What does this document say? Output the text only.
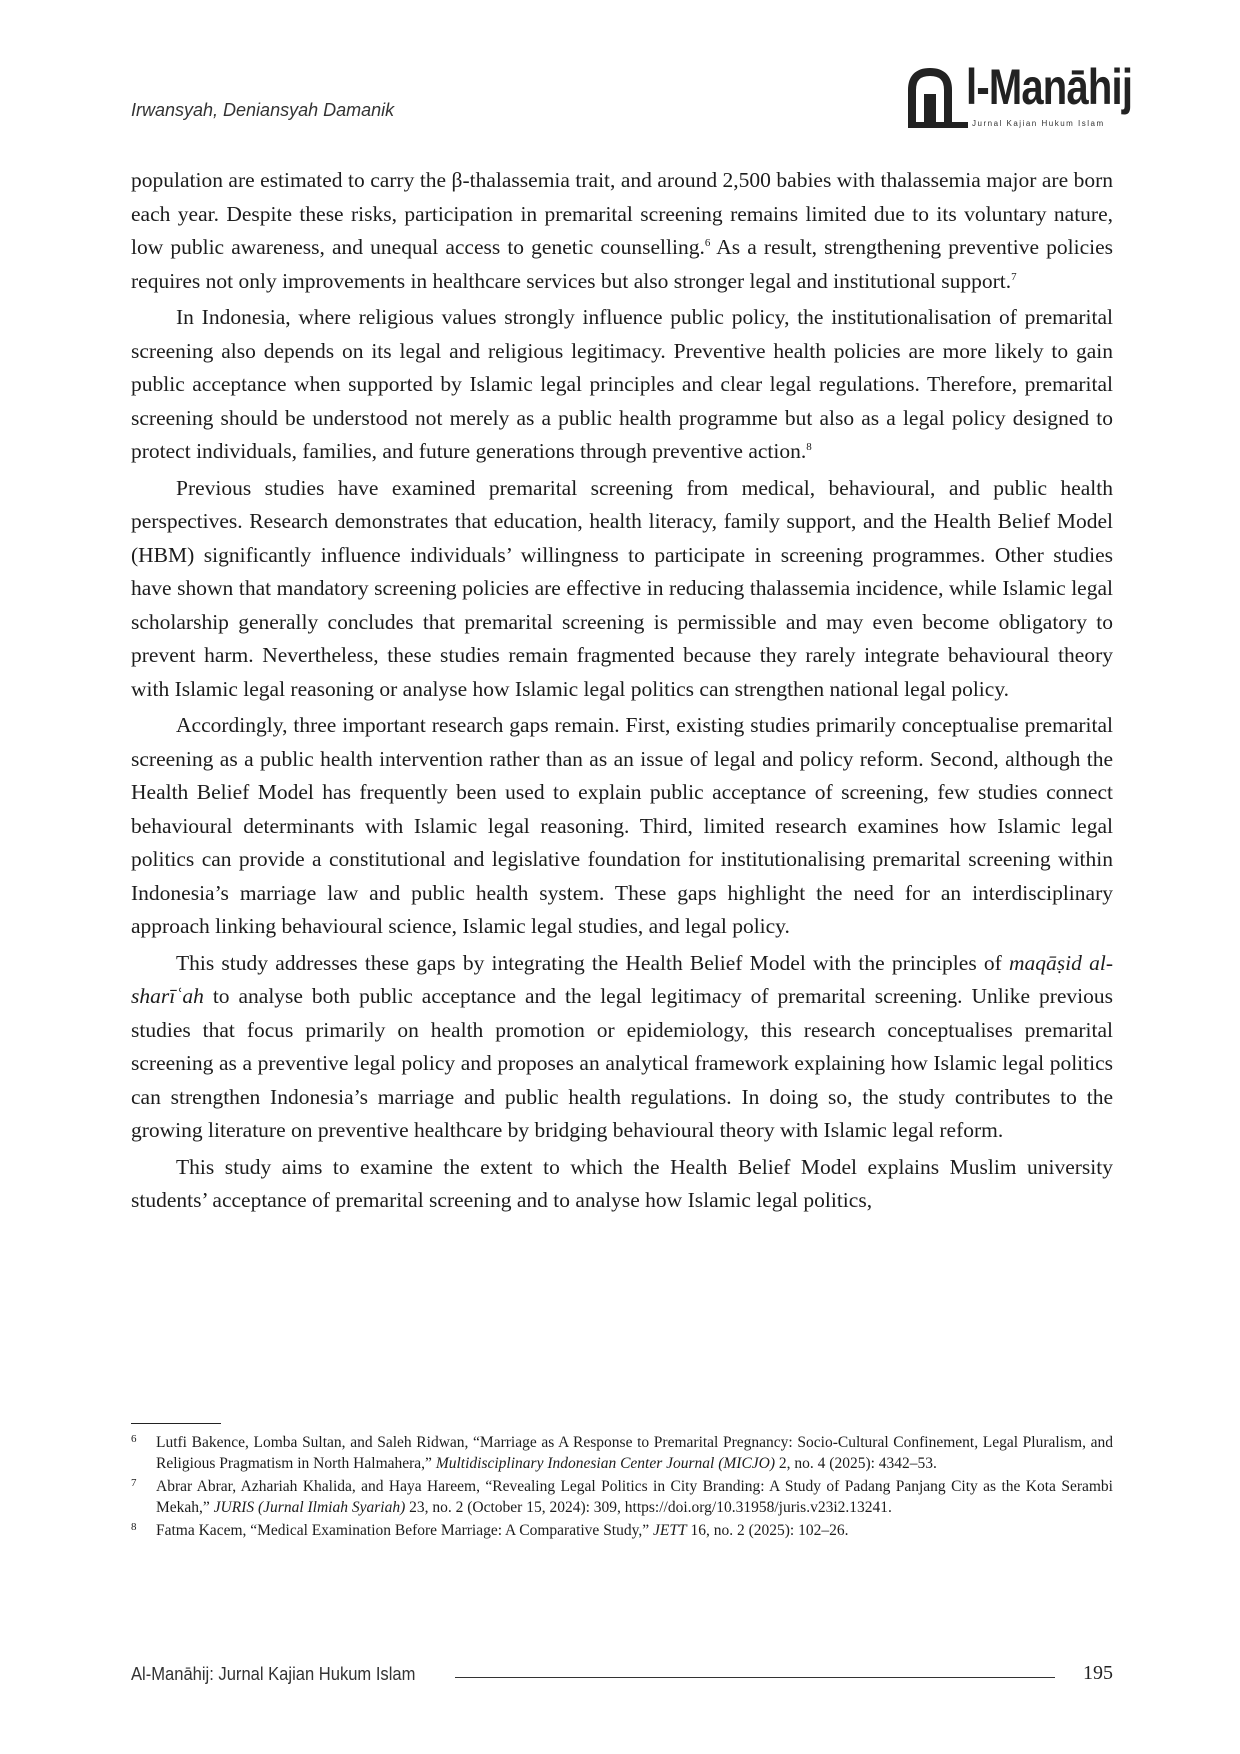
Irwansyah, Deniansyah Damanik	l-Manāhij
Jurnal Kajian Hukum Islam

population are estimated to carry the β-thalassemia trait, and around 2,500 babies with thalassemia major are born each year. Despite these risks, participation in premarital screening remains limited due to its voluntary nature, low public awareness, and unequal access to genetic counselling.$^6$ As a result, strengthening preventive policies requires not only improvements in healthcare services but also stronger legal and institutional support.$^7$

In Indonesia, where religious values strongly influence public policy, the institutionalisation of premarital screening also depends on its legal and religious legitimacy. Preventive health policies are more likely to gain public acceptance when supported by Islamic legal principles and clear legal regulations. Therefore, premarital screening should be understood not merely as a public health programme but also as a legal policy designed to protect individuals, families, and future generations through preventive action.$^8$

Previous studies have examined premarital screening from medical, behavioural, and public health perspectives. Research demonstrates that education, health literacy, family support, and the Health Belief Model (HBM) significantly influence individuals’ willingness to participate in screening programmes. Other studies have shown that mandatory screening policies are effective in reducing thalassemia incidence, while Islamic legal scholarship generally concludes that premarital screening is permissible and may even become obligatory to prevent harm. Nevertheless, these studies remain fragmented because they rarely integrate behavioural theory with Islamic legal reasoning or analyse how Islamic legal politics can strengthen national legal policy.

Accordingly, three important research gaps remain. First, existing studies primarily conceptualise premarital screening as a public health intervention rather than as an issue of legal and policy reform. Second, although the Health Belief Model has frequently been used to explain public acceptance of screening, few studies connect behavioural determinants with Islamic legal reasoning. Third, limited research examines how Islamic legal politics can provide a constitutional and legislative foundation for institutionalising premarital screening within Indonesia’s marriage law and public health system. These gaps highlight the need for an interdisciplinary approach linking behavioural science, Islamic legal studies, and legal policy.

This study addresses these gaps by integrating the Health Belief Model with the principles of maqāṣid al-sharīʿah to analyse both public acceptance and the legal legitimacy of premarital screening. Unlike previous studies that focus primarily on health promotion or epidemiology, this research conceptualises premarital screening as a preventive legal policy and proposes an analytical framework explaining how Islamic legal politics can strengthen Indonesia’s marriage and public health regulations. In doing so, the study contributes to the growing literature on preventive healthcare by bridging behavioural theory with Islamic legal reform.

This study aims to examine the extent to which the Health Belief Model explains Muslim university students’ acceptance of premarital screening and to analyse how Islamic legal politics,

6 Lutfi Bakence, Lomba Sultan, and Saleh Ridwan, “Marriage as A Response to Premarital Pregnancy: Socio-Cultural Confinement, Legal Pluralism, and Religious Pragmatism in North Halmahera,” Multidisciplinary Indonesian Center Journal (MICJO) 2, no. 4 (2025): 4342–53.
7 Abrar Abrar, Azhariah Khalida, and Haya Hareem, “Revealing Legal Politics in City Branding: A Study of Padang Panjang City as the Kota Serambi Mekah,” JURIS (Jurnal Ilmiah Syariah) 23, no. 2 (October 15, 2024): 309, https://doi.org/10.31958/juris.v23i2.13241.
8 Fatma Kacem, “Medical Examination Before Marriage: A Comparative Study,” JETT 16, no. 2 (2025): 102–26.
Al-Manāhij: Jurnal Kajian Hukum Islam	195
